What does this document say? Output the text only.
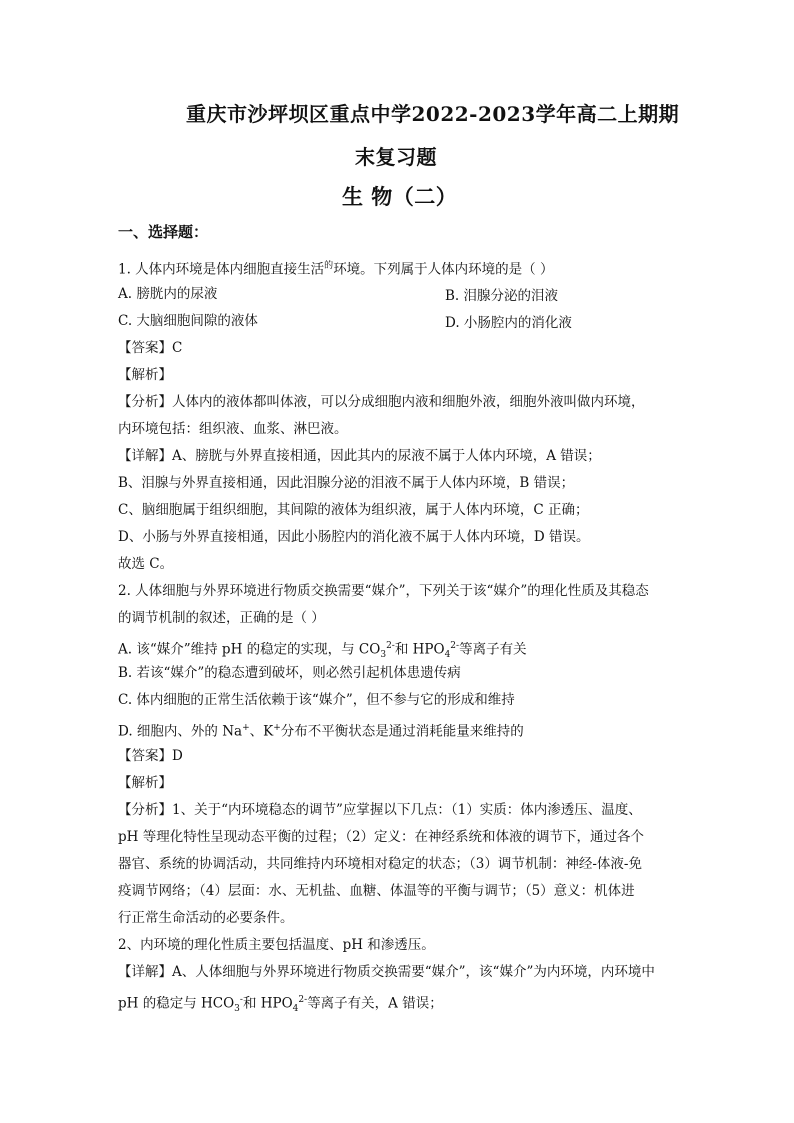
重庆市沙坪坝区重点中学2022-2023学年高二上期期
末复习题
生 物（二）
一、选择题：
1. 人体内环境是体内细胞直接生活$^的$环境。下列属于人体内环境的是（ ）
A. 膀胱内的尿液	B. 泪腺分泌的泪液
C. 大脑细胞间隙的液体	D. 小肠腔内的消化液
【答案】C
【解析】
【分析】人体内的液体都叫体液，可以分成细胞内液和细胞外液，细胞外液叫做内环境，
内环境包括：组织液、血浆、淋巴液。
【详解】A、膀胱与外界直接相通，因此其内的尿液不属于人体内环境，A 错误；
B、泪腺与外界直接相通，因此泪腺分泌的泪液不属于人体内环境，B 错误；
C、脑细胞属于组织细胞，其间隙的液体为组织液，属于人体内环境，C 正确；
D、小肠与外界直接相通，因此小肠腔内的消化液不属于人体内环境，D 错误。
故选 C。
2. 人体细胞与外界环境进行物质交换需要“媒介”，下列关于该“媒介”的理化性质及其稳态
的调节机制的叙述，正确的是（ ）
A. 该“媒介”维持 pH 的稳定的实现，与 $CO_3^{2-}$和 $HPO_4^{2-}$等离子有关
B. 若该“媒介”的稳态遭到破坏，则必然引起机体患遗传病
C. 体内细胞的正常生活依赖于该“媒介”，但不参与它的形成和维持
D. 细胞内、外的 Na+、K+分布不平衡状态是通过消耗能量来维持的
【答案】D
【解析】
【分析】1、关于“内环境稳态的调节”应掌握以下几点：（1）实质：体内渗透压、温度、
pH 等理化特性呈现动态平衡的过程；（2）定义：在神经系统和体液的调节下，通过各个
器官、系统的协调活动，共同维持内环境相对稳定的状态；（3）调节机制：神经-体液-免
疫调节网络；（4）层面：水、无机盐、血糖、体温等的平衡与调节；（5）意义：机体进
行正常生命活动的必要条件。
2、内环境的理化性质主要包括温度、pH 和渗透压。
【详解】A、人体细胞与外界环境进行物质交换需要“媒介”，该“媒介”为内环境，内环境中
pH 的稳定与 $HCO_3^-$和 $HPO_4^{2-}$等离子有关，A 错误；
